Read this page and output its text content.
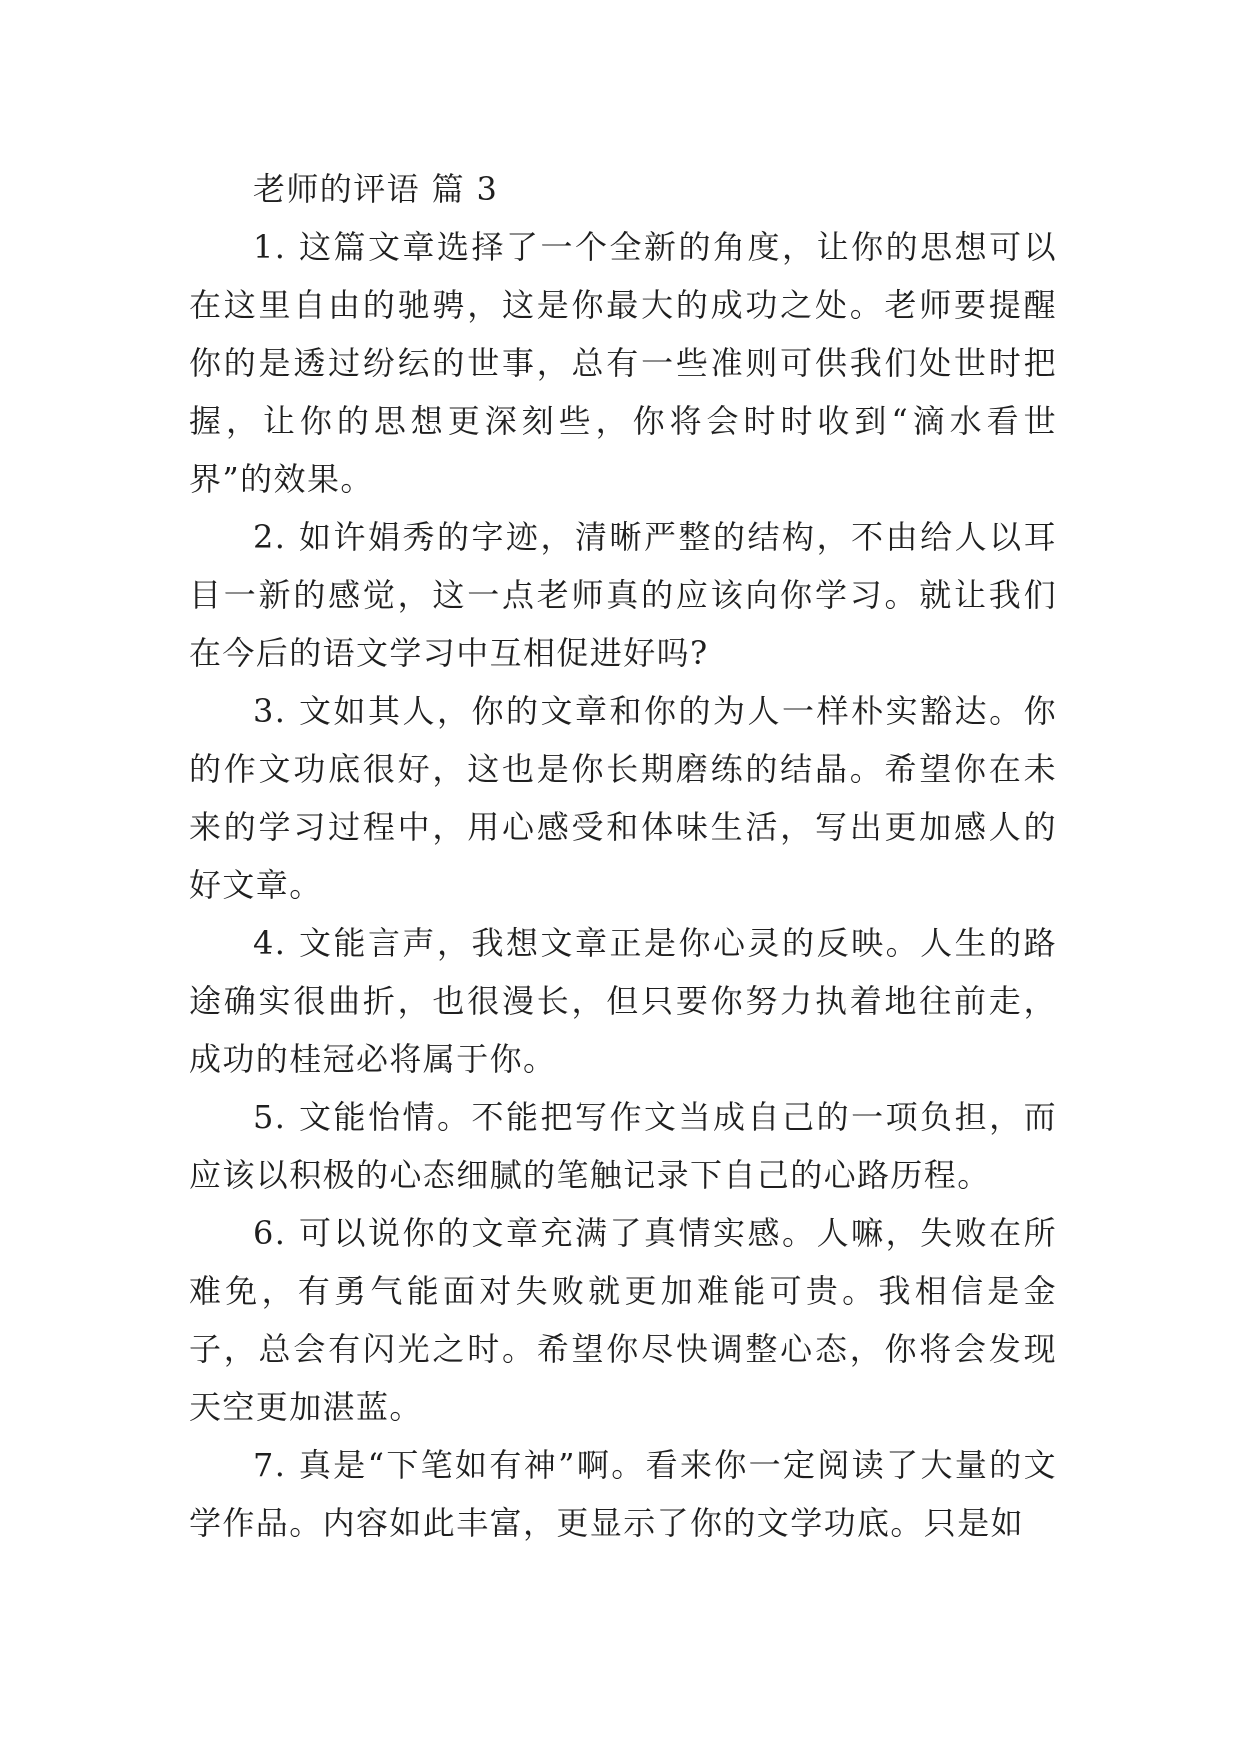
老师的评语 篇 3

1. 这篇文章选择了一个全新的角度，让你的思想可以在这里自由的驰骋，这是你最大的成功之处。老师要提醒你的是透过纷纭的世事，总有一些准则可供我们处世时把握，让你的思想更深刻些，你将会时时收到“滴水看世界”的效果。

2. 如许娟秀的字迹，清晰严整的结构，不由给人以耳目一新的感觉，这一点老师真的应该向你学习。就让我们在今后的语文学习中互相促进好吗?

3. 文如其人，你的文章和你的为人一样朴实豁达。你的作文功底很好，这也是你长期磨练的结晶。希望你在未来的学习过程中，用心感受和体味生活，写出更加感人的好文章。

4. 文能言声，我想文章正是你心灵的反映。人生的路途确实很曲折，也很漫长，但只要你努力执着地往前走，成功的桂冠必将属于你。

5. 文能怡情。不能把写作文当成自己的一项负担，而应该以积极的心态细腻的笔触记录下自己的心路历程。

6. 可以说你的文章充满了真情实感。人嘛，失败在所难免，有勇气能面对失败就更加难能可贵。我相信是金子，总会有闪光之时。希望你尽快调整心态，你将会发现天空更加湛蓝。

7. 真是“下笔如有神”啊。看来你一定阅读了大量的文学作品。内容如此丰富，更显示了你的文学功底。只是如
